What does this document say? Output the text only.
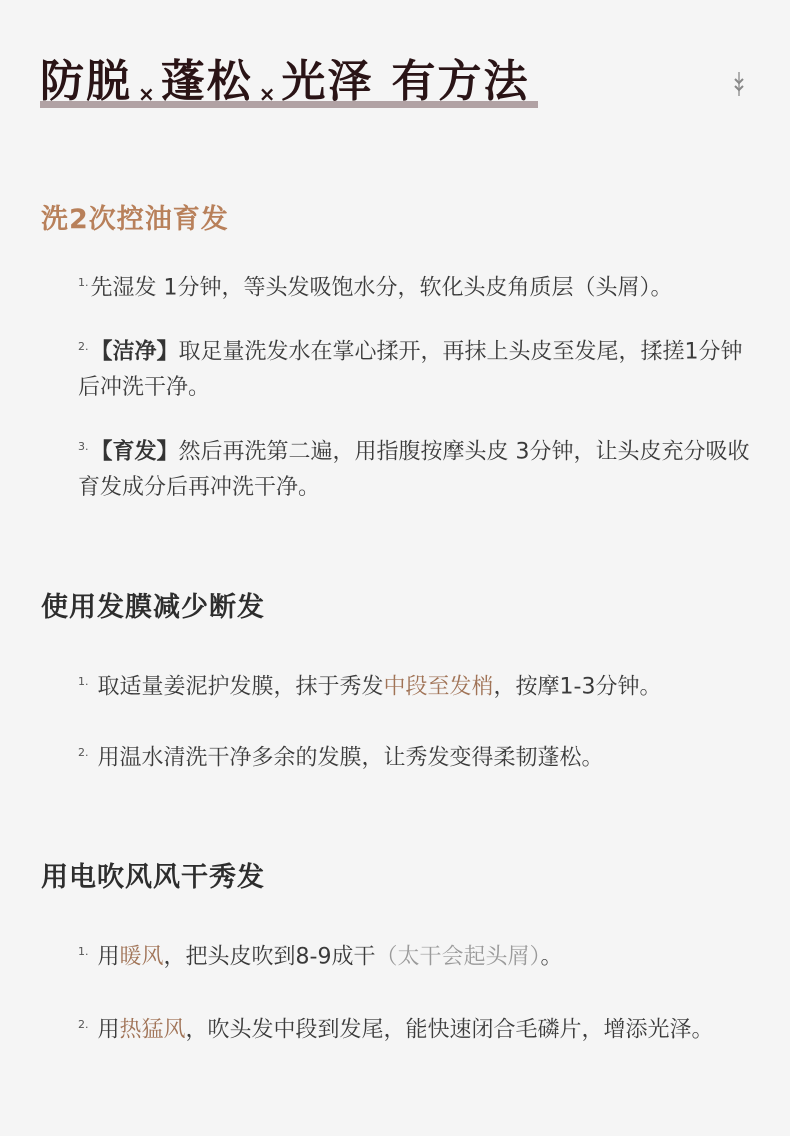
防脱 × 蓬松 × 光泽 有方法
洗2次控油育发
$^{1.}$先湿发 1分钟，等头发吸饱水分，软化头皮角质层（头屑）。
$^{2.}$【洁净】取足量洗发水在掌心揉开，再抹上头皮至发尾，揉搓1分钟后冲洗干净。
$^{3.}$【育发】然后再洗第二遍，用指腹按摩头皮 3分钟，让头皮充分吸收育发成分后再冲洗干净。
使用发膜减少断发
$^{1.}$ 取适量姜泥护发膜，抹于秀发中段至发梢，按摩1-3分钟。
$^{2.}$ 用温水清洗干净多余的发膜，让秀发变得柔韧蓬松。
用电吹风风干秀发
$^{1.}$ 用暖风，把头皮吹到8-9成干（太干会起头屑）。
$^{2.}$ 用热猛风，吹头发中段到发尾，能快速闭合毛磷片，增添光泽。
